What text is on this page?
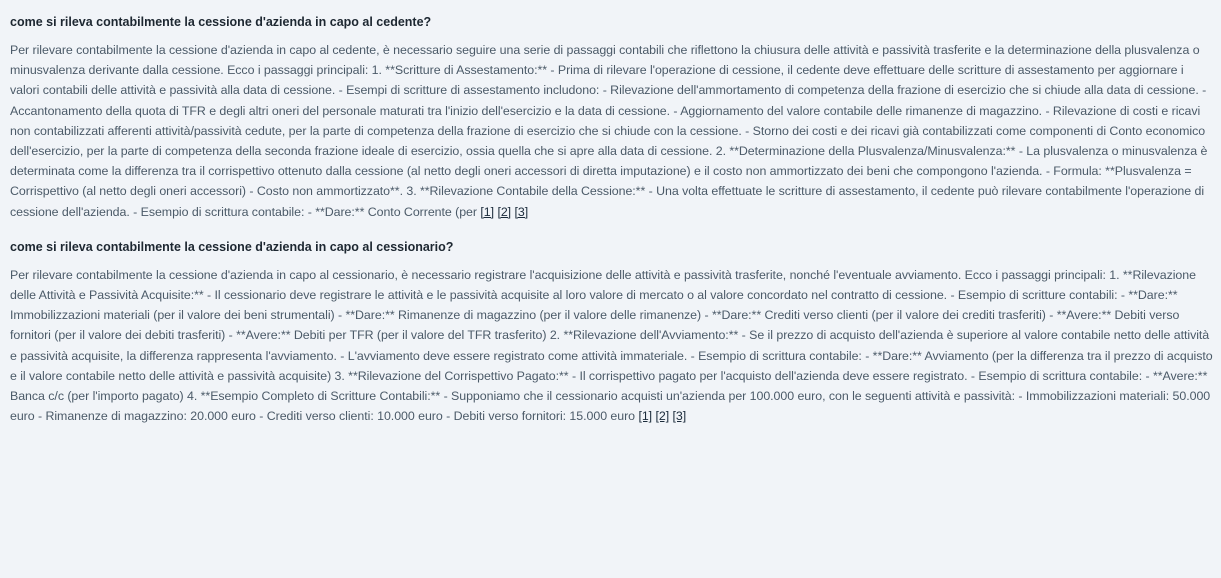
come si rileva contabilmente la cessione d'azienda in capo al cedente?

Per rilevare contabilmente la cessione d'azienda in capo al cedente, è necessario seguire una serie di passaggi contabili che riflettono la chiusura delle attività e passività trasferite e la determinazione della plusvalenza o minusvalenza derivante dalla cessione. Ecco i passaggi principali: 1. **Scritture di Assestamento:** - Prima di rilevare l'operazione di cessione, il cedente deve effettuare delle scritture di assestamento per aggiornare i valori contabili delle attività e passività alla data di cessione. - Esempi di scritture di assestamento includono: - Rilevazione dell'ammortamento di competenza della frazione di esercizio che si chiude alla data di cessione. - Accantonamento della quota di TFR e degli altri oneri del personale maturati tra l'inizio dell'esercizio e la data di cessione. - Aggiornamento del valore contabile delle rimanenze di magazzino. - Rilevazione di costi e ricavi non contabilizzati afferenti attività/passività cedute, per la parte di competenza della frazione di esercizio che si chiude con la cessione. - Storno dei costi e dei ricavi già contabilizzati come componenti di Conto economico dell'esercizio, per la parte di competenza della seconda frazione ideale di esercizio, ossia quella che si apre alla data di cessione. 2. **Determinazione della Plusvalenza/Minusvalenza:** - La plusvalenza o minusvalenza è determinata come la differenza tra il corrispettivo ottenuto dalla cessione (al netto degli oneri accessori di diretta imputazione) e il costo non ammortizzato dei beni che compongono l'azienda. - Formula: **Plusvalenza = Corrispettivo (al netto degli oneri accessori) - Costo non ammortizzato**. 3. **Rilevazione Contabile della Cessione:** - Una volta effettuate le scritture di assestamento, il cedente può rilevare contabilmente l'operazione di cessione dell'azienda. - Esempio di scrittura contabile: - **Dare:** Conto Corrente (per [1] [2] [3]

come si rileva contabilmente la cessione d'azienda in capo al cessionario?

Per rilevare contabilmente la cessione d'azienda in capo al cessionario, è necessario registrare l'acquisizione delle attività e passività trasferite, nonché l'eventuale avviamento. Ecco i passaggi principali: 1. **Rilevazione delle Attività e Passività Acquisite:** - Il cessionario deve registrare le attività e le passività acquisite al loro valore di mercato o al valore concordato nel contratto di cessione. - Esempio di scritture contabili: - **Dare:** Immobilizzazioni materiali (per il valore dei beni strumentali) - **Dare:** Rimanenze di magazzino (per il valore delle rimanenze) - **Dare:** Crediti verso clienti (per il valore dei crediti trasferiti) - **Avere:** Debiti verso fornitori (per il valore dei debiti trasferiti) - **Avere:** Debiti per TFR (per il valore del TFR trasferito) 2. **Rilevazione dell'Avviamento:** - Se il prezzo di acquisto dell'azienda è superiore al valore contabile netto delle attività e passività acquisite, la differenza rappresenta l'avviamento. - L'avviamento deve essere registrato come attività immateriale. - Esempio di scrittura contabile: - **Dare:** Avviamento (per la differenza tra il prezzo di acquisto e il valore contabile netto delle attività e passività acquisite) 3. **Rilevazione del Corrispettivo Pagato:** - Il corrispettivo pagato per l'acquisto dell'azienda deve essere registrato. - Esempio di scrittura contabile: - **Avere:** Banca c/c (per l'importo pagato) 4. **Esempio Completo di Scritture Contabili:** - Supponiamo che il cessionario acquisti un'azienda per 100.000 euro, con le seguenti attività e passività: - Immobilizzazioni materiali: 50.000 euro - Rimanenze di magazzino: 20.000 euro - Crediti verso clienti: 10.000 euro - Debiti verso fornitori: 15.000 euro [1] [2] [3]
